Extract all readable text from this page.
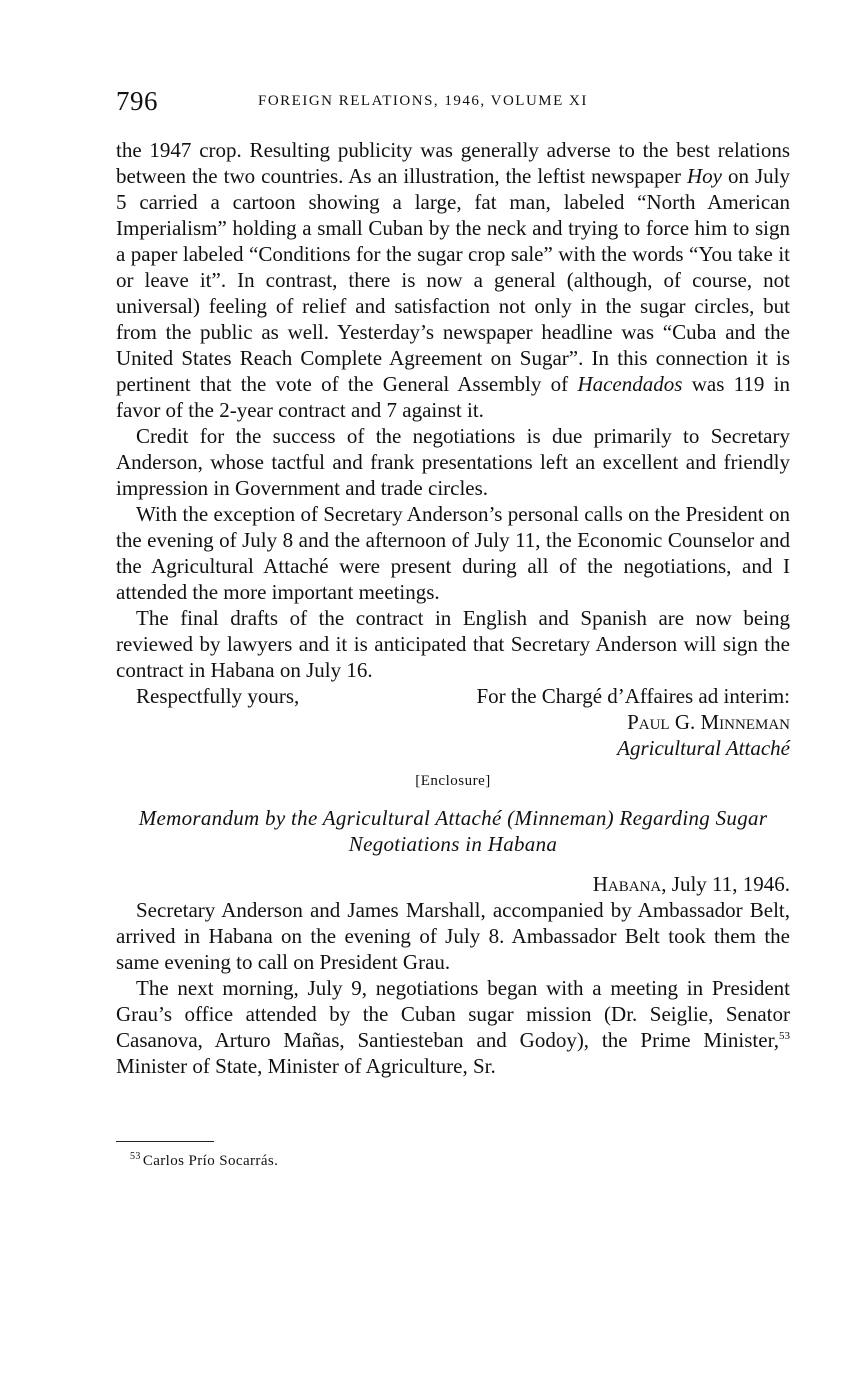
796	FOREIGN RELATIONS, 1946, VOLUME XI

the 1947 crop. Resulting publicity was generally adverse to the best relations between the two countries. As an illustration, the leftist newspaper Hoy on July 5 carried a cartoon showing a large, fat man, labeled “North American Imperialism” holding a small Cuban by the neck and trying to force him to sign a paper labeled “Conditions for the sugar crop sale” with the words “You take it or leave it”. In contrast, there is now a general (although, of course, not universal) feeling of relief and satisfaction not only in the sugar circles, but from the public as well. Yesterday’s newspaper headline was “Cuba and the United States Reach Complete Agreement on Sugar”. In this connection it is pertinent that the vote of the General Assembly of Hacendados was 119 in favor of the 2-year contract and 7 against it.

Credit for the success of the negotiations is due primarily to Secretary Anderson, whose tactful and frank presentations left an excellent and friendly impression in Government and trade circles.

With the exception of Secretary Anderson’s personal calls on the President on the evening of July 8 and the afternoon of July 11, the Economic Counselor and the Agricultural Attaché were present during all of the negotiations, and I attended the more important meetings.

The final drafts of the contract in English and Spanish are now being reviewed by lawyers and it is anticipated that Secretary Anderson will sign the contract in Habana on July 16.

Respectfully yours,	For the Chargé d’Affaires ad interim:
Paul G. Minneman
Agricultural Attaché
[Enclosure]
Memorandum by the Agricultural Attaché (Minneman) Regarding Sugar Negotiations in Habana
Habana, July 11, 1946.

Secretary Anderson and James Marshall, accompanied by Ambassador Belt, arrived in Habana on the evening of July 8. Ambassador Belt took them the same evening to call on President Grau.

The next morning, July 9, negotiations began with a meeting in President Grau’s office attended by the Cuban sugar mission (Dr. Seiglie, Senator Casanova, Arturo Mañas, Santiesteban and Godoy), the Prime Minister,$^{53}$ Minister of State, Minister of Agriculture, Sr.

$^{53}$ Carlos Prío Socarrás.
